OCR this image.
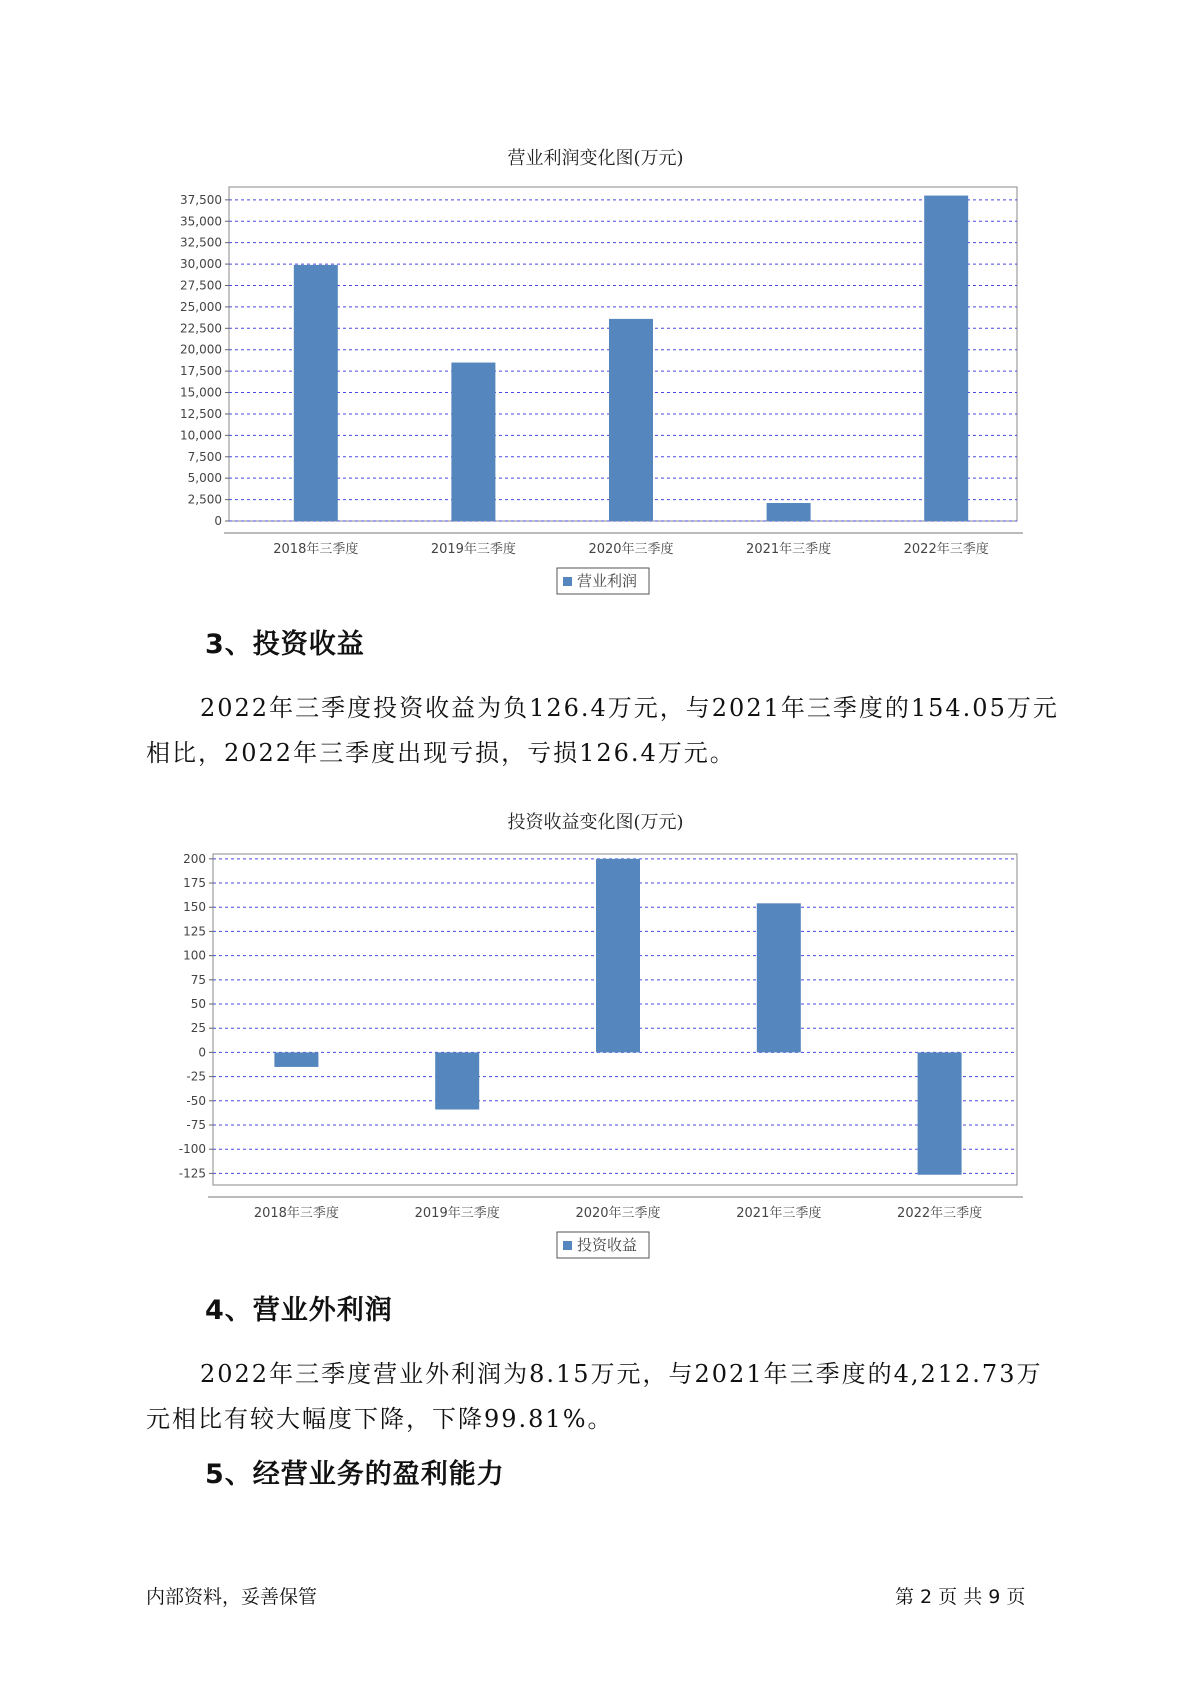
营业利润变化图(万元)
0
2,500
5,000
7,500
10,000
12,500
15,000
17,500
20,000
22,500
25,000
27,500
30,000
32,500
35,000
37,500
2018年三季度	2019年三季度	2020年三季度	2021年三季度	2022年三季度
营业利润
3、投资收益
2022年三季度投资收益为负126.4万元，与2021年三季度的154.05万元
相比，2022年三季度出现亏损，亏损126.4万元。
投资收益变化图(万元)
200
175
150
125
100
75
50
25
0
-25
-50
-75
-100
-125
2018年三季度	2019年三季度	2020年三季度	2021年三季度	2022年三季度
投资收益
4、营业外利润
2022年三季度营业外利润为8.15万元，与2021年三季度的4,212.73万
元相比有较大幅度下降，下降99.81%。
5、经营业务的盈利能力
内部资料，妥善保管	第 2 页 共 9 页
